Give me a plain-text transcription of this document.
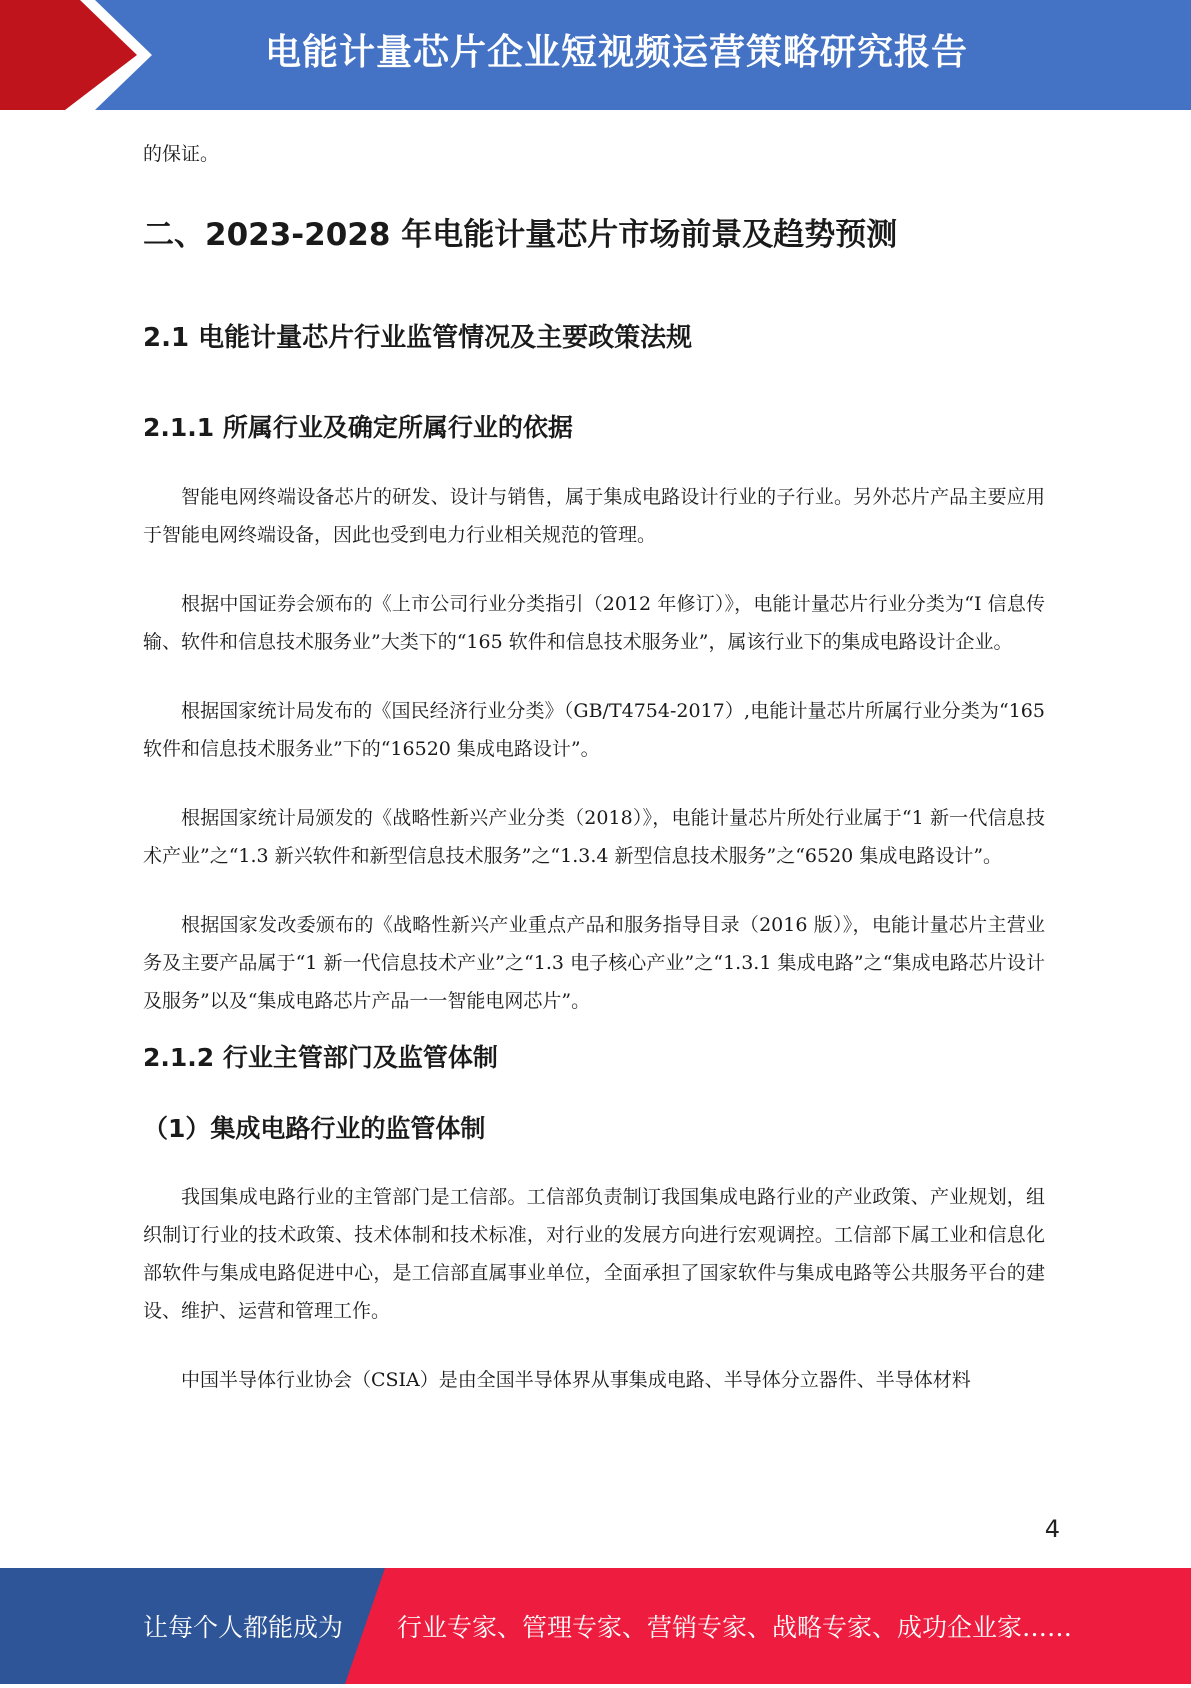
电能计量芯片企业短视频运营策略研究报告

的保证。

二、2023-2028 年电能计量芯片市场前景及趋势预测
2.1 电能计量芯片行业监管情况及主要政策法规
2.1.1 所属行业及确定所属行业的依据

智能电网终端设备芯片的研发、设计与销售，属于集成电路设计行业的子行业。另外芯片产品主要应用于智能电网终端设备，因此也受到电力行业相关规范的管理。

根据中国证券会颁布的《上市公司行业分类指引（2012 年修订）》，电能计量芯片行业分类为“I 信息传输、软件和信息技术服务业”大类下的“165 软件和信息技术服务业”，属该行业下的集成电路设计企业。

根据国家统计局发布的《国民经济行业分类》（GB/T4754-2017）,电能计量芯片所属行业分类为“165 软件和信息技术服务业”下的“16520 集成电路设计”。

根据国家统计局颁发的《战略性新兴产业分类（2018）》，电能计量芯片所处行业属于“1 新一代信息技术产业”之“1.3 新兴软件和新型信息技术服务”之“1.3.4 新型信息技术服务”之“6520 集成电路设计”。

根据国家发改委颁布的《战略性新兴产业重点产品和服务指导目录（2016 版）》，电能计量芯片主营业务及主要产品属于“1 新一代信息技术产业”之“1.3 电子核心产业”之“1.3.1 集成电路”之“集成电路芯片设计及服务”以及“集成电路芯片产品一一智能电网芯片”。

2.1.2 行业主管部门及监管体制
（1）集成电路行业的监管体制

我国集成电路行业的主管部门是工信部。工信部负责制订我国集成电路行业的产业政策、产业规划，组织制订行业的技术政策、技术体制和技术标准，对行业的发展方向进行宏观调控。工信部下属工业和信息化部软件与集成电路促进中心，是工信部直属事业单位，全面承担了国家软件与集成电路等公共服务平台的建设、维护、运营和管理工作。

中国半导体行业协会（CSIA）是由全国半导体界从事集成电路、半导体分立器件、半导体材料

4
让每个人都能成为 行业专家、管理专家、营销专家、战略专家、成功企业家……
